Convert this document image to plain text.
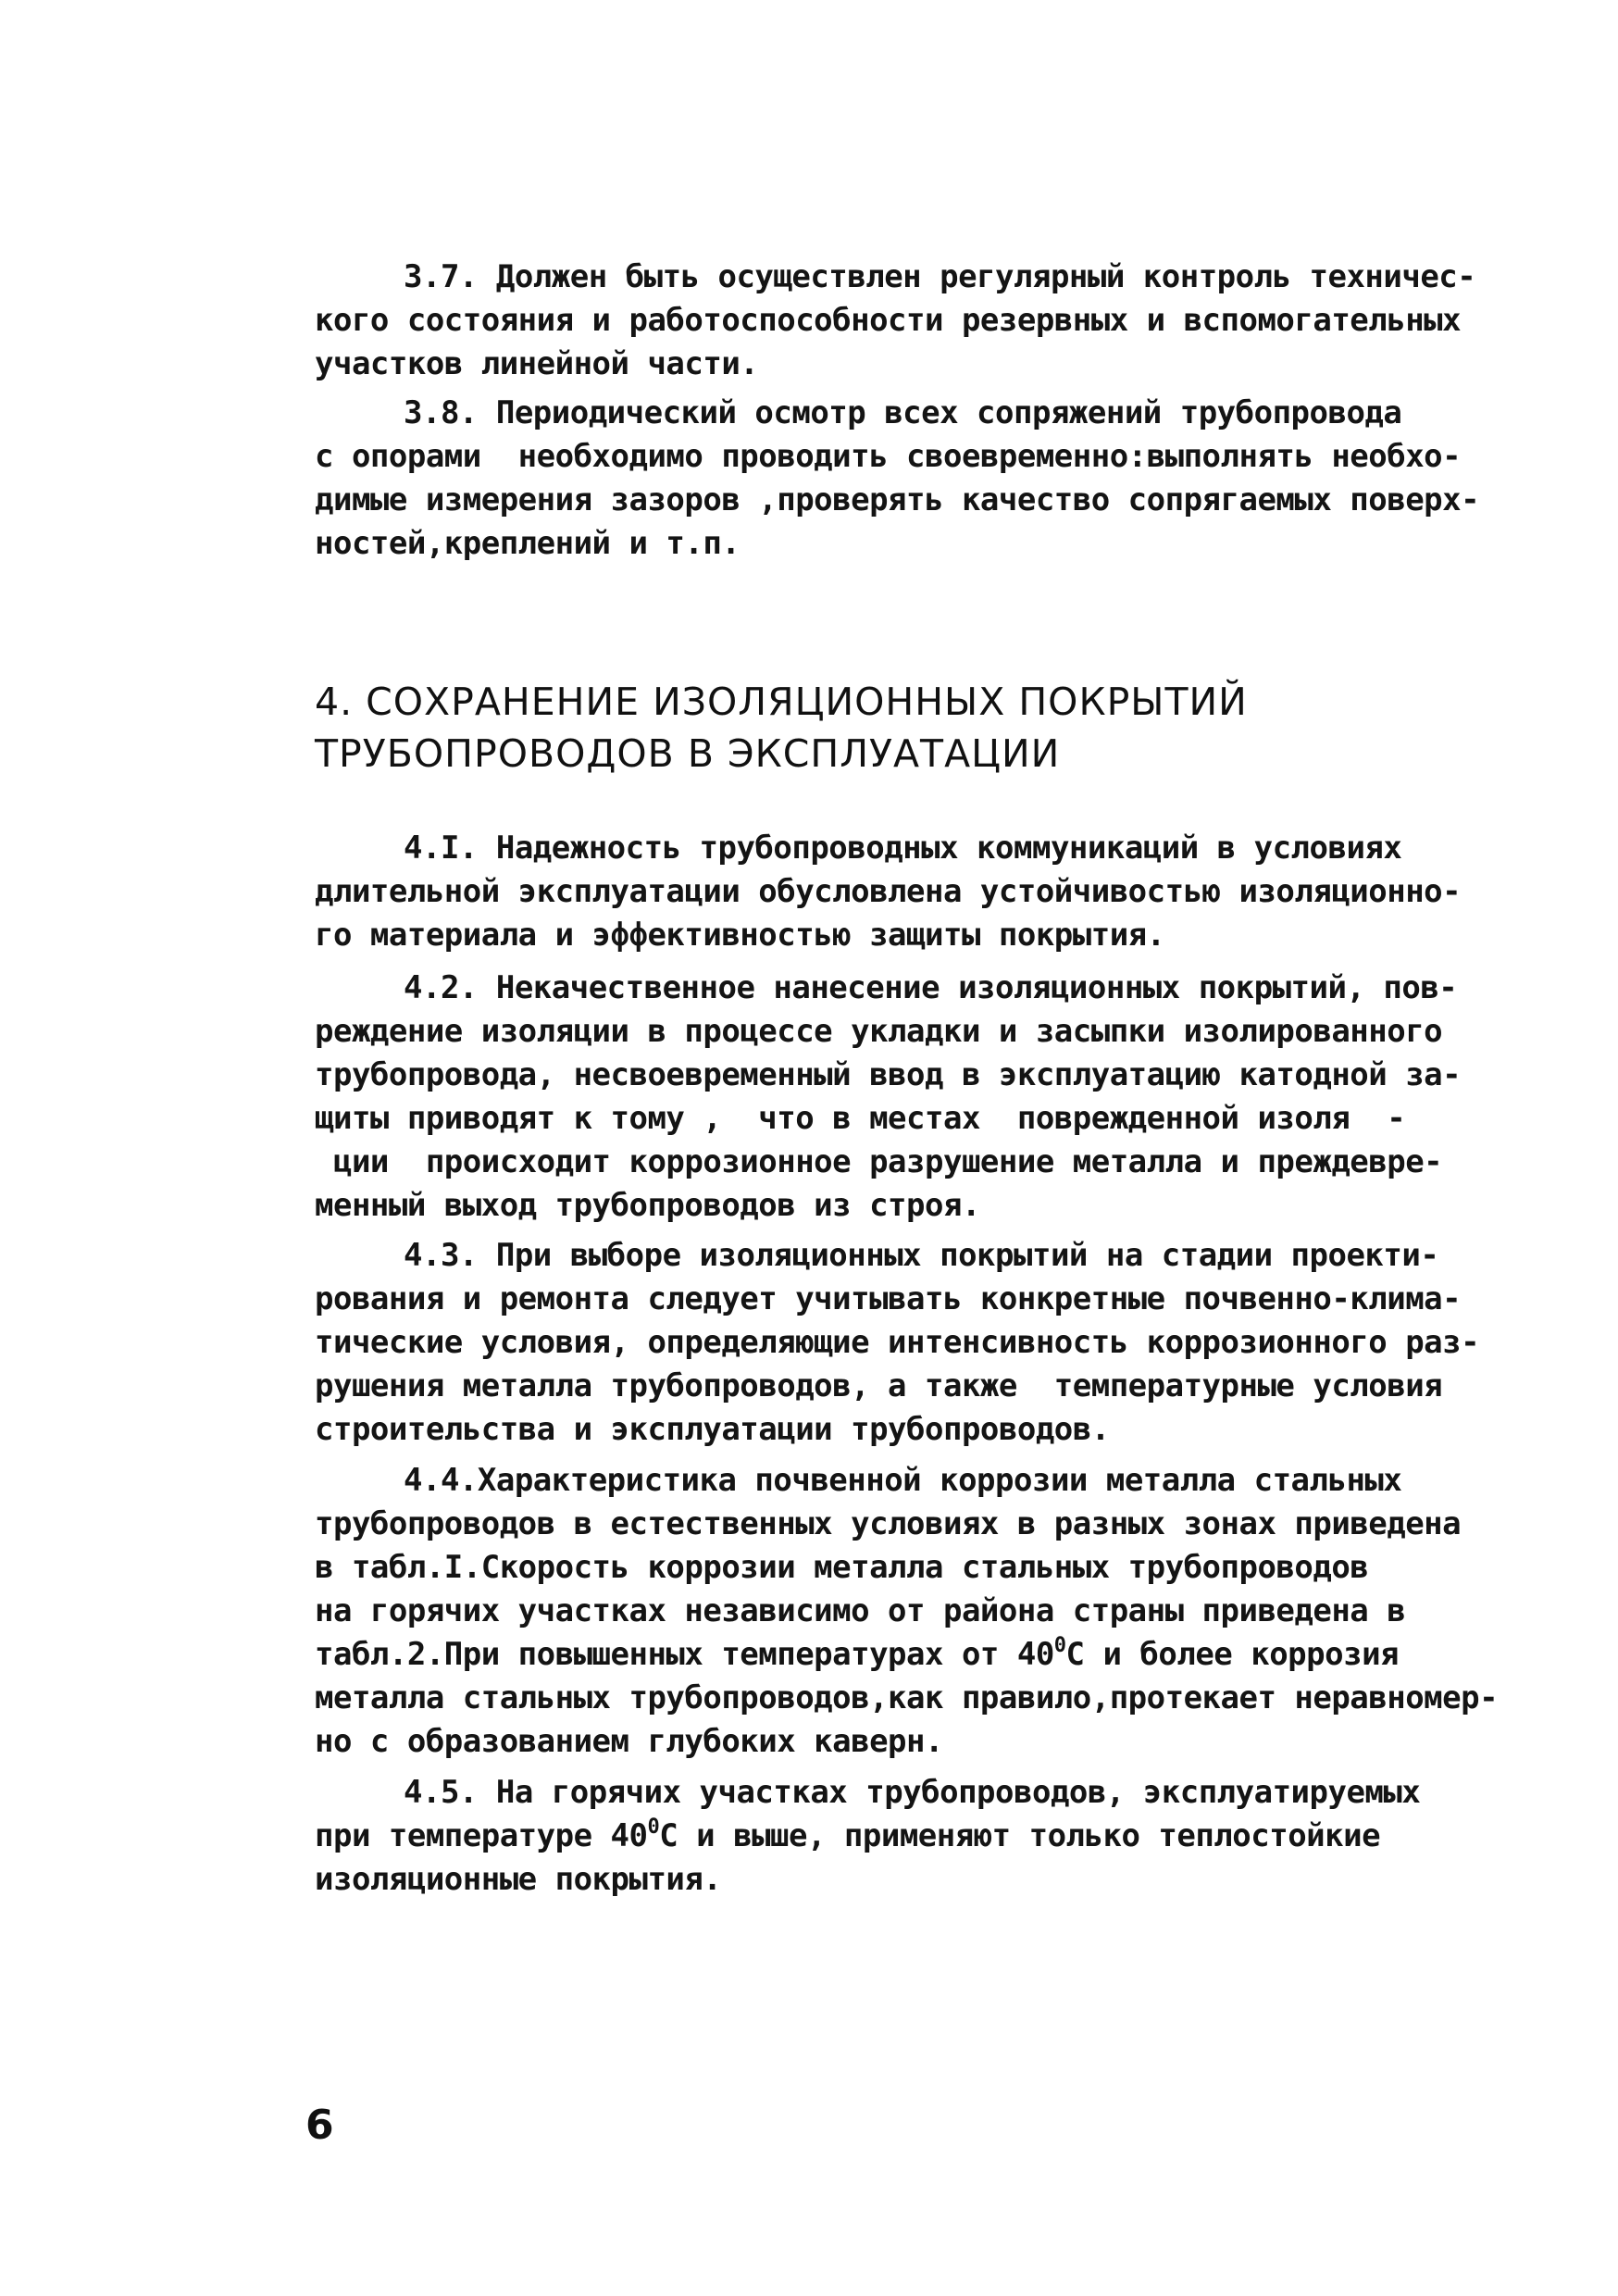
3.7. Должен быть осуществлен регулярный контроль техничес-
кого состояния и работоспособности резервных и вспомогательных
участков линейной части.
3.8. Периодический осмотр всех сопряжений трубопровода
с опорами  необходимо проводить своевременно:выполнять необхо-
димые измерения зазоров ,проверять качество сопрягаемых поверх-
ностей,креплений и т.п.
4. СОХРАНЕНИЕ ИЗОЛЯЦИОННЫХ ПОКРЫТИЙ
ТРУБОПРОВОДОВ В ЭКСПЛУАТАЦИИ
4.I. Надежность трубопроводных коммуникаций в условиях
длительной эксплуатации обусловлена устойчивостью изоляционно-
го материала и эффективностью защиты покрытия.
4.2. Некачественное нанесение изоляционных покрытий, пов-
реждение изоляции в процессе укладки и засыпки изолированного
трубопровода, несвоевременный ввод в эксплуатацию катодной за-
щиты приводят к тому ,  что в местах  поврежденной изоля  -
ции  происходит коррозионное разрушение металла и преждевре-
менный выход трубопроводов из строя.
4.3. При выборе изоляционных покрытий на стадии проекти-
рования и ремонта следует учитывать конкретные почвенно-клима-
тические условия, определяющие интенсивность коррозионного раз-
рушения металла трубопроводов, а также  температурные условия
строительства и эксплуатации трубопроводов.
4.4.Характеристика почвенной коррозии металла стальных
трубопроводов в естественных условиях в разных зонах приведена
в табл.I.Скорость коррозии металла стальных трубопроводов
на горячих участках независимо от района страны приведена в
табл.2.При повышенных температурах от $40^0С$ и более коррозия
металла стальных трубопроводов,как правило,протекает неравномер-
но с образованием глубоких каверн.
4.5. На горячих участках трубопроводов, эксплуатируемых
при температуре $40^0С$ и выше, применяют только теплостойкие
изоляционные покрытия.
6
